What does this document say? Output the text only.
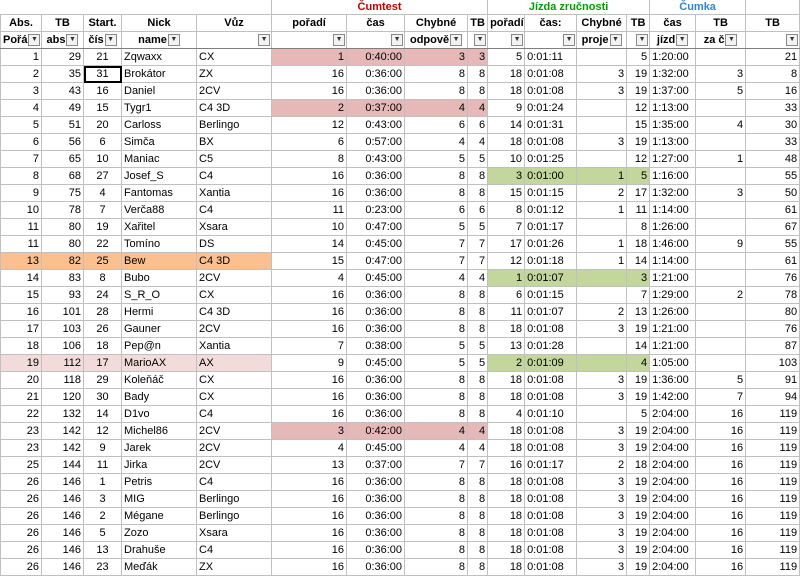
					Čumtest				Jízda zručnosti				Čumka		
Abs.	TB	Start.	Nick	Vůz	pořadí	čas	Chybné	TB	pořadí	čas:	Chybné	TB	čas	TB	TB
Pořá ▼	abs ▼	čís ▼	name ▼	▼	▼	▼	odpově ▼	▼	▼	▼	proje ▼	▼	jízd ▼	za č ▼	▼

1	29	21	Zqwaxx	CX	1	0:40:00	3	3	5	0:01:11		5	1:20:00		21
2	35	31	Brokátor	ZX	16	0:36:00	8	8	18	0:01:08	3	19	1:32:00	3	8
3	43	16	Daniel	2CV	16	0:36:00	8	8	18	0:01:08	3	19	1:37:00	5	16
4	49	15	Tygr1	C4 3D	2	0:37:00	4	4	9	0:01:24		12	1:13:00		33
5	51	20	Carloss	Berlingo	12	0:43:00	6	6	14	0:01:31		15	1:35:00	4	30
6	56	6	Simča	BX	6	0:57:00	4	4	18	0:01:08	3	19	1:13:00		33
7	65	10	Maniac	C5	8	0:43:00	5	5	10	0:01:25		12	1:27:00	1	48
8	68	27	Josef_S	C4	16	0:36:00	8	8	3	0:01:00	1	5	1:16:00		55
9	75	4	Fantomas	Xantia	16	0:36:00	8	8	15	0:01:15	2	17	1:32:00	3	50
10	78	7	Verča88	C4	11	0:23:00	6	6	8	0:01:12	1	11	1:14:00		61
11	80	19	Xařitel	Xsara	10	0:47:00	5	5	7	0:01:17		8	1:26:00		67
11	80	22	Tomíno	DS	14	0:45:00	7	7	17	0:01:26	1	18	1:46:00	9	55
13	82	25	Bew	C4 3D	15	0:47:00	7	7	12	0:01:18	1	14	1:14:00		61
14	83	8	Bubo	2CV	4	0:45:00	4	4	1	0:01:07		3	1:21:00		76
15	93	24	S_R_O	CX	16	0:36:00	8	8	6	0:01:15		7	1:29:00	2	78
16	101	28	Hermi	C4 3D	16	0:36:00	8	8	11	0:01:07	2	13	1:26:00		80
17	103	26	Gauner	2CV	16	0:36:00	8	8	18	0:01:08	3	19	1:21:00		76
18	106	18	Pep@n	Xantia	7	0:38:00	5	5	13	0:01:28		14	1:21:00		87
19	112	17	MarioAX	AX	9	0:45:00	5	5	2	0:01:09		4	1:05:00		103
20	118	29	Koleňáč	CX	16	0:36:00	8	8	18	0:01:08	3	19	1:36:00	5	91
21	120	30	Bady	CX	16	0:36:00	8	8	18	0:01:08	3	19	1:42:00	7	94
22	132	14	D1vo	C4	16	0:36:00	8	8	4	0:01:10		5	2:04:00	16	119
23	142	12	Michel86	2CV	3	0:42:00	4	4	18	0:01:08	3	19	2:04:00	16	119
23	142	9	Jarek	2CV	4	0:45:00	4	4	18	0:01:08	3	19	2:04:00	16	119
25	144	11	Jirka	2CV	13	0:37:00	7	7	16	0:01:17	2	18	2:04:00	16	119
26	146	1	Petris	C4	16	0:36:00	8	8	18	0:01:08	3	19	2:04:00	16	119
26	146	3	MIG	Berlingo	16	0:36:00	8	8	18	0:01:08	3	19	2:04:00	16	119
26	146	2	Mégane	Berlingo	16	0:36:00	8	8	18	0:01:08	3	19	2:04:00	16	119
26	146	5	Zozo	Xsara	16	0:36:00	8	8	18	0:01:08	3	19	2:04:00	16	119
26	146	13	Drahuše	C4	16	0:36:00	8	8	18	0:01:08	3	19	2:04:00	16	119
26	146	23	Meďák	ZX	16	0:36:00	8	8	18	0:01:08	3	19	2:04:00	16	119
